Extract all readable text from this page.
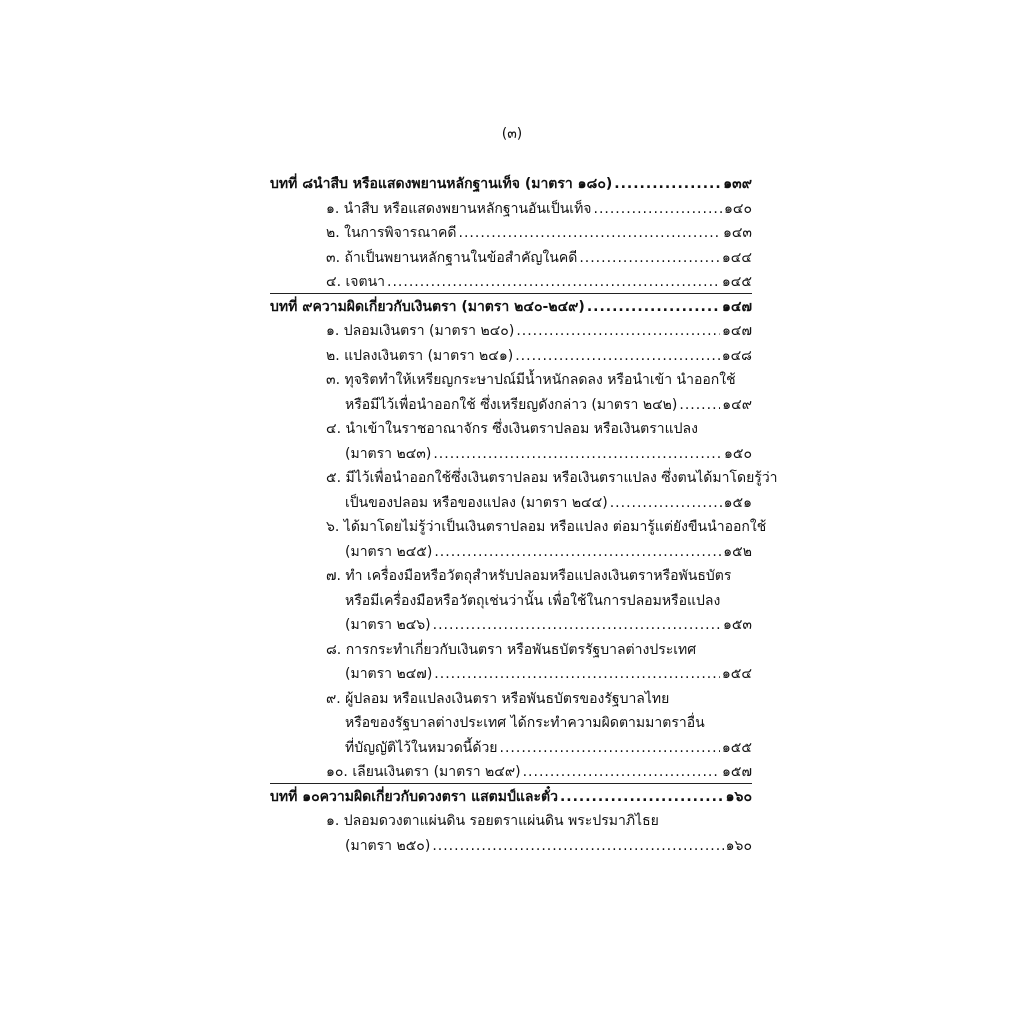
(๓)
บทที่ ๘ นำสืบ หรือแสดงพยานหลักฐานเท็จ (มาตรา ๑๘๐) .....	๑๓๙
๑. นำสืบ หรือแสดงพยานหลักฐานอันเป็นเท็จ .....	๑๔๐
๒. ในการพิจารณาคดี .....	๑๔๓
๓. ถ้าเป็นพยานหลักฐานในข้อสำคัญในคดี .....	๑๔๔
๔. เจตนา .....	๑๔๕
บทที่ ๙ ความผิดเกี่ยวกับเงินตรา (มาตรา ๒๔๐-๒๔๙) .....	๑๔๗
๑. ปลอมเงินตรา (มาตรา ๒๔๐) .....	๑๔๗
๒. แปลงเงินตรา (มาตรา ๒๔๑) .....	๑๔๘
๓. ทุจริตทำให้เหรียญกระษาปณ์มีน้ำหนักลดลง หรือนำเข้า นำออกใช้
หรือมีไว้เพื่อนำออกใช้ ซึ่งเหรียญดังกล่าว (มาตรา ๒๔๒) .....	๑๔๙
๔. นำเข้าในราชอาณาจักร ซึ่งเงินตราปลอม หรือเงินตราแปลง
(มาตรา ๒๔๓) .....	๑๕๐
๕. มีไว้เพื่อนำออกใช้ซึ่งเงินตราปลอม หรือเงินตราแปลง ซึ่งตนได้มาโดยรู้ว่า
เป็นของปลอม หรือของแปลง (มาตรา ๒๔๔) .....	๑๕๑
๖. ได้มาโดยไม่รู้ว่าเป็นเงินตราปลอม หรือแปลง ต่อมารู้แต่ยังขืนนำออกใช้
(มาตรา ๒๔๕) .....	๑๕๒
๗. ทำ เครื่องมือหรือวัตถุสำหรับปลอมหรือแปลงเงินตราหรือพันธบัตร
หรือมีเครื่องมือหรือวัตถุเช่นว่านั้น เพื่อใช้ในการปลอมหรือแปลง
(มาตรา ๒๔๖) .....	๑๕๓
๘. การกระทำเกี่ยวกับเงินตรา หรือพันธบัตรรัฐบาลต่างประเทศ
(มาตรา ๒๔๗) .....	๑๕๔
๙. ผู้ปลอม หรือแปลงเงินตรา หรือพันธบัตรของรัฐบาลไทย
หรือของรัฐบาลต่างประเทศ ได้กระทำความผิดตามมาตราอื่น
ที่บัญญัติไว้ในหมวดนี้ด้วย .....	๑๕๕
๑๐. เลียนเงินตรา (มาตรา ๒๔๙) .....	๑๕๗
บทที่ ๑๐ ความผิดเกี่ยวกับดวงตรา แสตมป์และตั๋ว .....	๑๖๐
๑. ปลอมดวงตาแผ่นดิน รอยตราแผ่นดิน พระปรมาภิไธย
(มาตรา ๒๕๐) .....	๑๖๐
